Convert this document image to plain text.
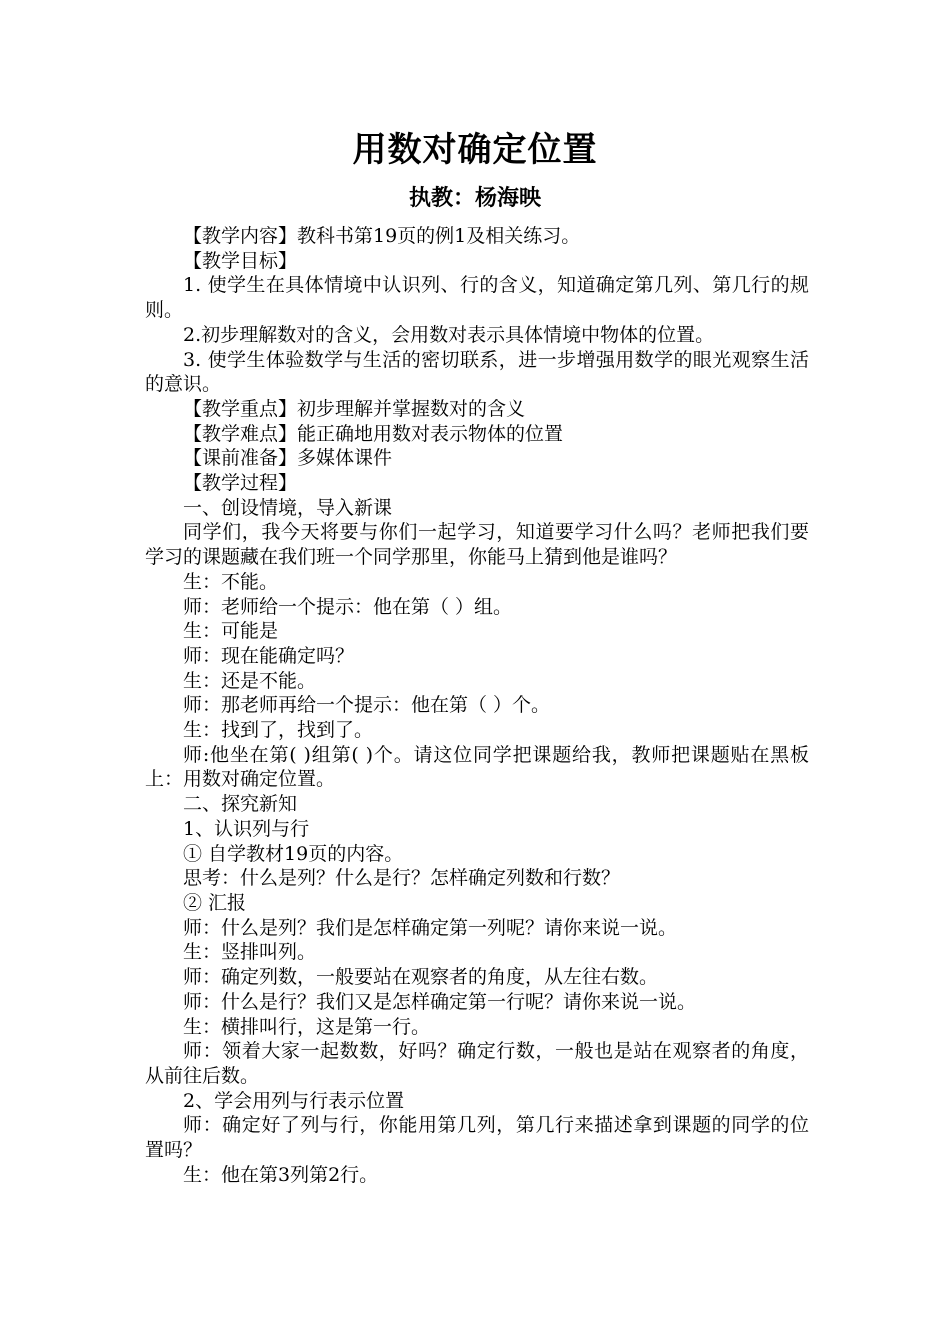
用数对确定位置
执教：杨海映

【教学内容】教科书第19页的例1及相关练习。

【教学目标】

1. 使学生在具体情境中认识列、行的含义，知道确定第几列、第几行的规则。

2.初步理解数对的含义，会用数对表示具体情境中物体的位置。

3. 使学生体验数学与生活的密切联系，进一步增强用数学的眼光观察生活的意识。

【教学重点】初步理解并掌握数对的含义

【教学难点】能正确地用数对表示物体的位置

【课前准备】多媒体课件

【教学过程】

一、创设情境，导入新课

同学们，我今天将要与你们一起学习，知道要学习什么吗？老师把我们要学习的课题藏在我们班一个同学那里，你能马上猜到他是谁吗？

生：不能。

师：老师给一个提示：他在第（ ）组。

生：可能是

师：现在能确定吗？

生：还是不能。

师：那老师再给一个提示：他在第（ ）个。

生：找到了，找到了。

师:他坐在第( )组第( )个。请这位同学把课题给我，教师把课题贴在黑板上：用数对确定位置。

二、探究新知

1、认识列与行

① 自学教材19页的内容。

思考：什么是列？什么是行？怎样确定列数和行数？

② 汇报

师：什么是列？我们是怎样确定第一列呢？请你来说一说。

生：竖排叫列。

师：确定列数，一般要站在观察者的角度，从左往右数。

师：什么是行？我们又是怎样确定第一行呢？请你来说一说。

生：横排叫行，这是第一行。

师：领着大家一起数数，好吗？确定行数，一般也是站在观察者的角度，从前往后数。

2、学会用列与行表示位置

师：确定好了列与行，你能用第几列，第几行来描述拿到课题的同学的位置吗？

生：他在第3列第2行。
